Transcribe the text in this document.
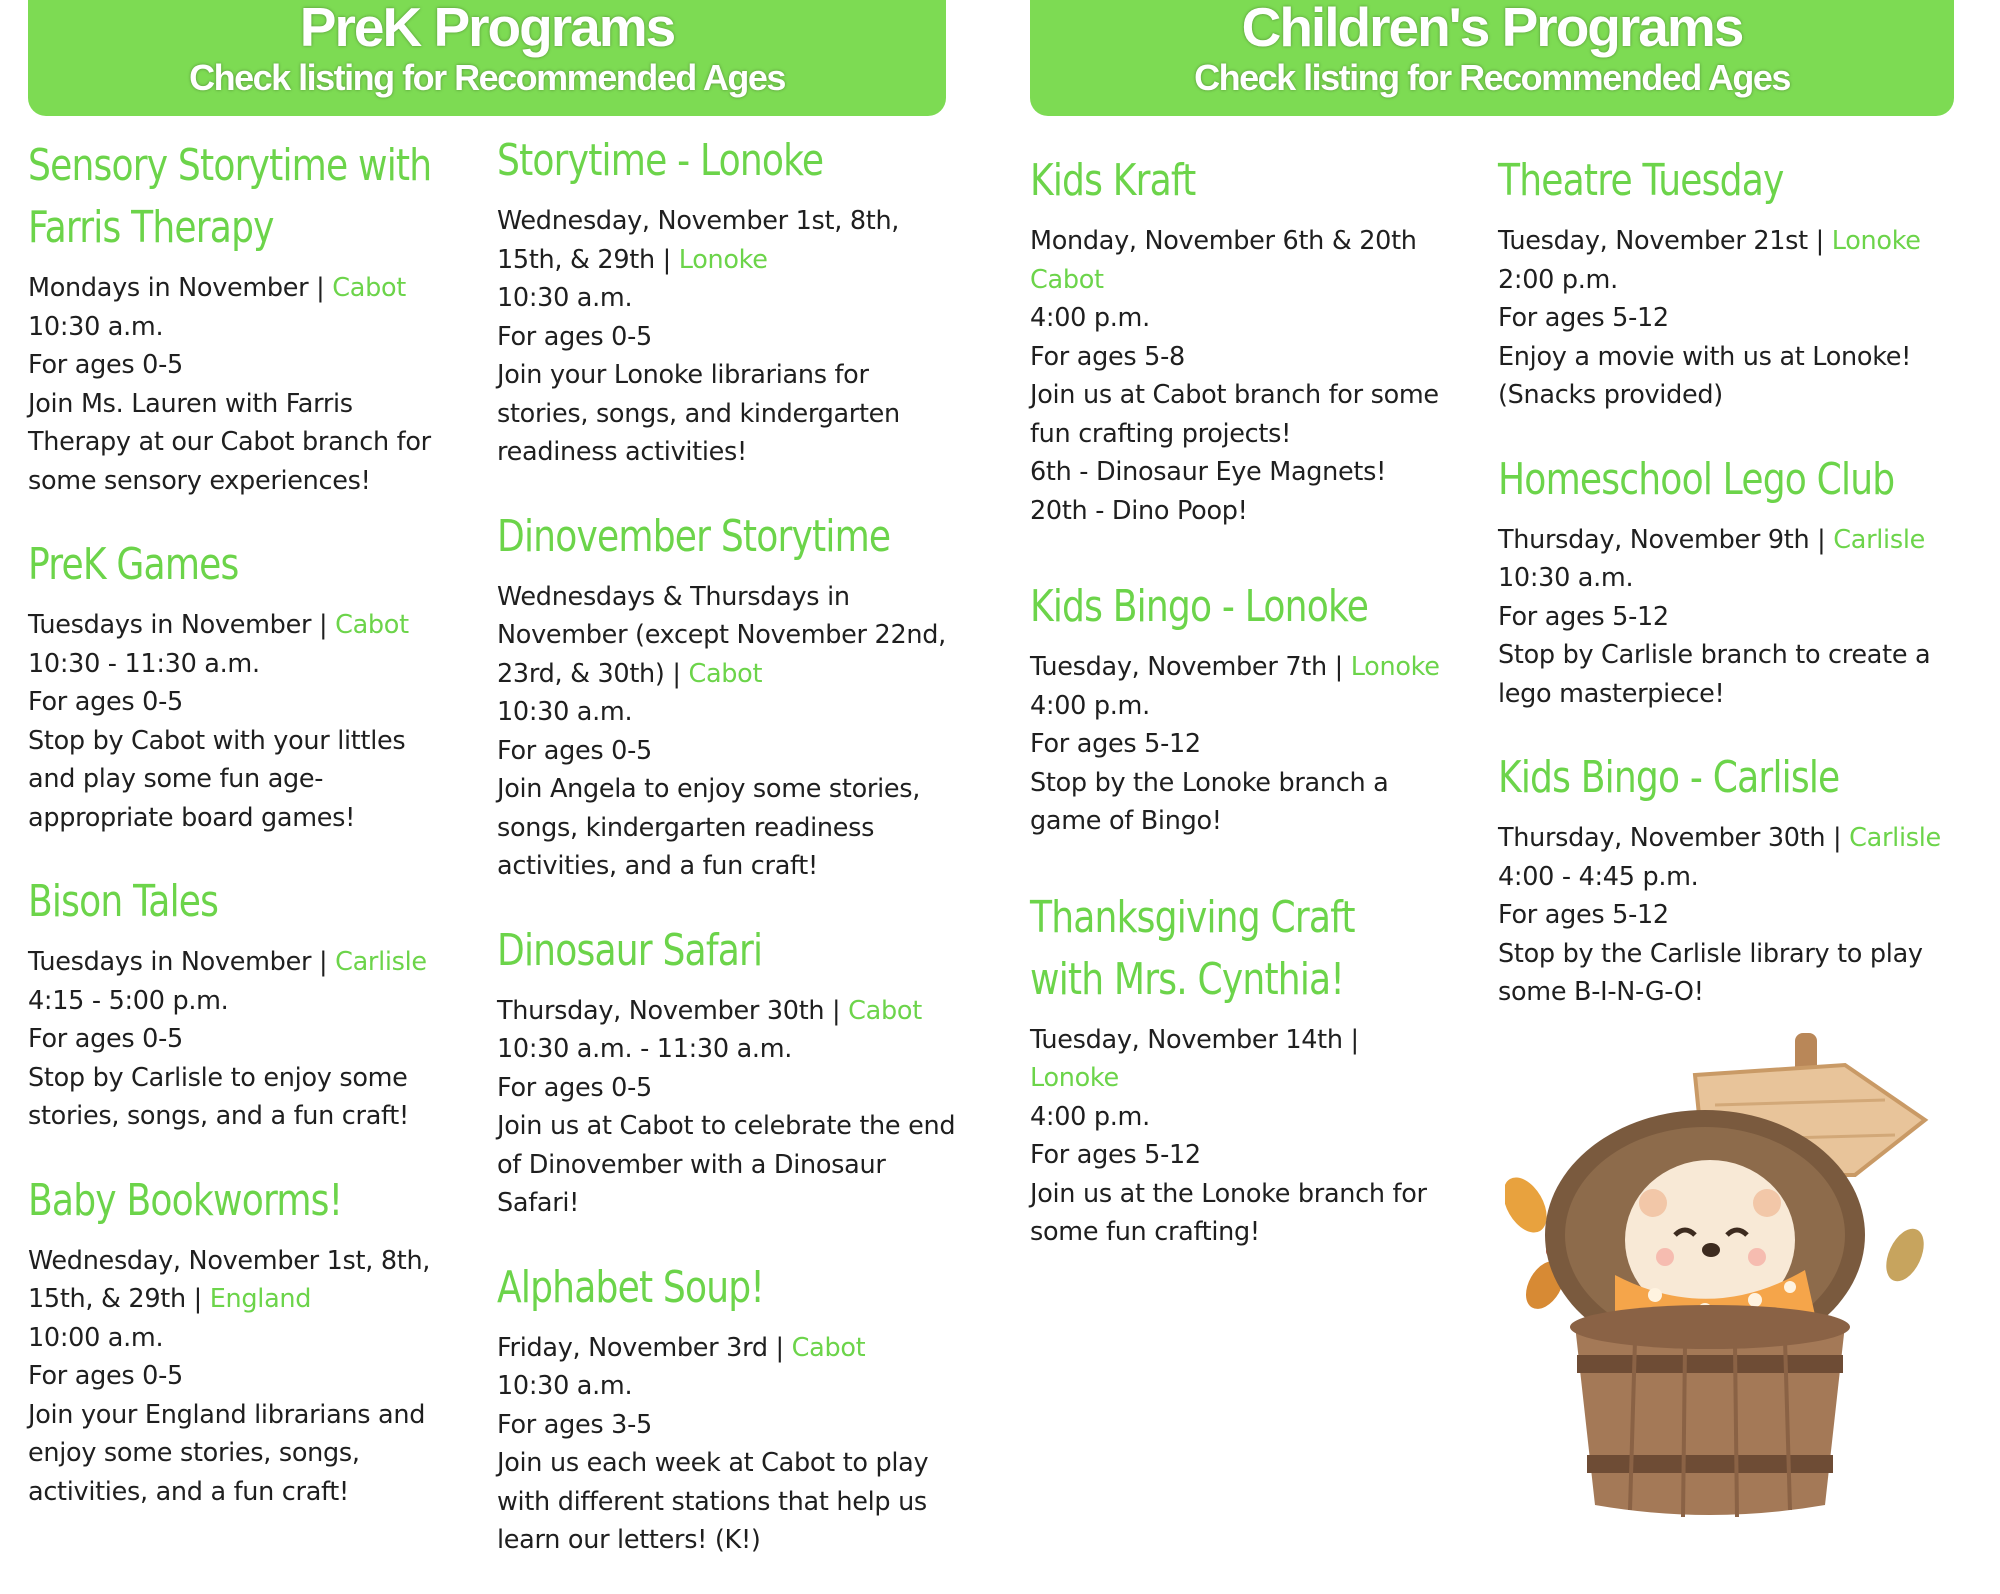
PreK Programs
Check listing for Recommended Ages
Children's Programs
Check listing for Recommended Ages
Sensory Storytime with Farris Therapy
Mondays in November | Cabot
10:30 a.m.
For ages 0-5
Join Ms. Lauren with Farris Therapy at our Cabot branch for some sensory experiences!
PreK Games
Tuesdays in November | Cabot
10:30 - 11:30 a.m.
For ages 0-5
Stop by Cabot with your littles and play some fun age-appropriate board games!
Bison Tales
Tuesdays in November | Carlisle
4:15 - 5:00 p.m.
For ages 0-5
Stop by Carlisle to enjoy some stories, songs, and a fun craft!
Baby Bookworms!
Wednesday, November 1st, 8th, 15th, & 29th | England
10:00 a.m.
For ages 0-5
Join your England librarians and enjoy some stories, songs, activities, and a fun craft!
Storytime - Lonoke
Wednesday, November 1st, 8th, 15th, & 29th | Lonoke
10:30 a.m.
For ages 0-5
Join your Lonoke librarians for stories, songs, and kindergarten readiness activities!
Dinovember Storytime
Wednesdays & Thursdays in November (except November 22nd, 23rd, & 30th) | Cabot
10:30 a.m.
For ages 0-5
Join Angela to enjoy some stories, songs, kindergarten readiness activities, and a fun craft!
Dinosaur Safari
Thursday, November 30th | Cabot
10:30 a.m. - 11:30 a.m.
For ages 0-5
Join us at Cabot to celebrate the end of Dinovember with a Dinosaur Safari!
Alphabet Soup!
Friday, November 3rd | Cabot
10:30 a.m.
For ages 3-5
Join us each week at Cabot to play with different stations that help us learn our letters! (K!)
Kids Kraft
Monday, November 6th & 20th
Cabot
4:00 p.m.
For ages 5-8
Join us at Cabot branch for some fun crafting projects!
6th - Dinosaur Eye Magnets!
20th - Dino Poop!
Kids Bingo - Lonoke
Tuesday, November 7th | Lonoke
4:00 p.m.
For ages 5-12
Stop by the Lonoke branch a game of Bingo!
Thanksgiving Craft with Mrs. Cynthia!
Tuesday, November 14th | Lonoke
4:00 p.m.
For ages 5-12
Join us at the Lonoke branch for some fun crafting!
Theatre Tuesday
Tuesday, November 21st | Lonoke
2:00 p.m.
For ages 5-12
Enjoy a movie with us at Lonoke! (Snacks provided)
Homeschool Lego Club
Thursday, November 9th | Carlisle
10:30 a.m.
For ages 5-12
Stop by Carlisle branch to create a lego masterpiece!
Kids Bingo - Carlisle
Thursday, November 30th | Carlisle
4:00 - 4:45 p.m.
For ages 5-12
Stop by the Carlisle library to play some B-I-N-G-O!
